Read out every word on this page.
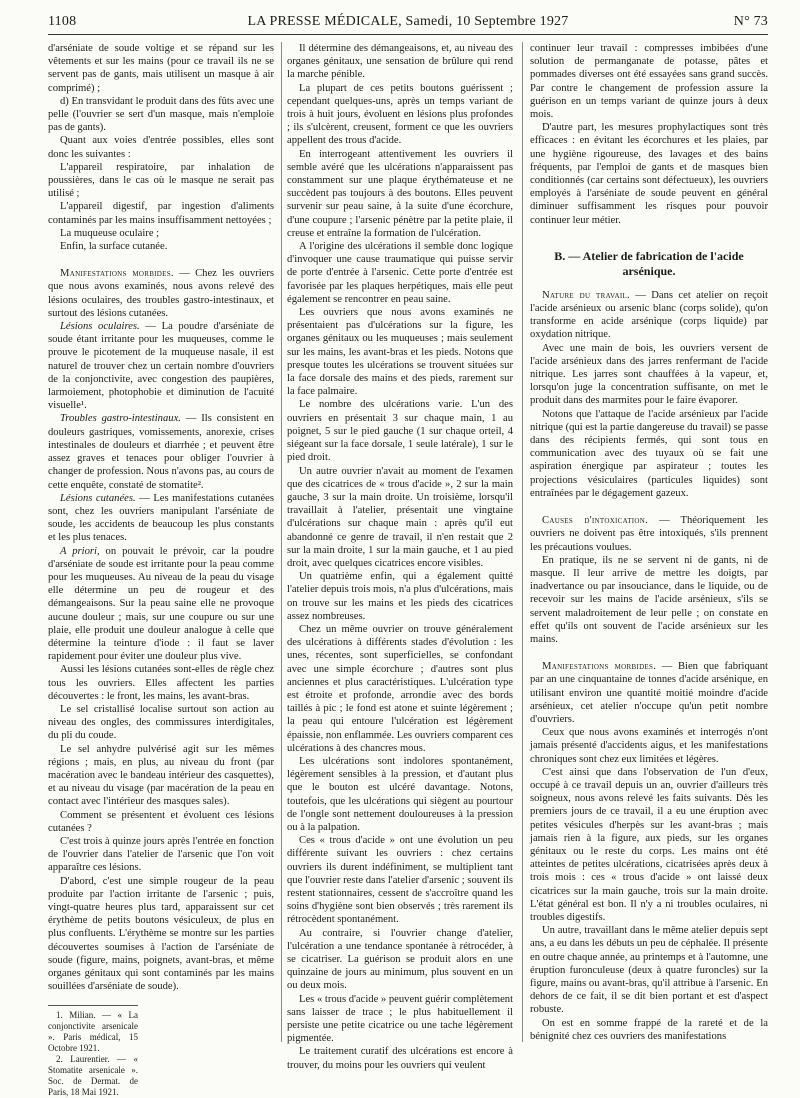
1108	LA PRESSE MÉDICALE, Samedi, 10 Septembre 1927	N° 73

d'arséniate de soude voltige et se répand sur les vêtements et sur les mains (pour ce travail ils ne se servent pas de gants, mais utilisent un masque à air comprimé) ;

d) En transvidant le produit dans des fûts avec une pelle (l'ouvrier se sert d'un masque, mais n'emploie pas de gants).

Quant aux voies d'entrée possibles, elles sont donc les suivantes :

L'appareil respiratoire, par inhalation de poussières, dans le cas où le masque ne serait pas utilisé ;

L'appareil digestif, par ingestion d'aliments contaminés par les mains insuffisamment nettoyées ;

La muqueuse oculaire ;

Enfin, la surface cutanée.

Manifestations morbides. — Chez les ouvriers que nous avons examinés, nous avons relevé des lésions oculaires, des troubles gastro-intestinaux, et surtout des lésions cutanées.

Lésions oculaires. — La poudre d'arséniate de soude étant irritante pour les muqueuses, comme le prouve le picotement de la muqueuse nasale, il est naturel de trouver chez un certain nombre d'ouvriers de la conjonctivite, avec congestion des paupières, larmoiement, photophobie et diminution de l'acuité visuelle¹.

Troubles gastro-intestinaux. — Ils consistent en douleurs gastriques, vomissements, anorexie, crises intestinales de douleurs et diarrhée ; et peuvent être assez graves et tenaces pour obliger l'ouvrier à changer de profession. Nous n'avons pas, au cours de cette enquête, constaté de stomatite².

Lésions cutanées. — Les manifestations cutanées sont, chez les ouvriers manipulant l'arséniate de soude, les accidents de beaucoup les plus constants et les plus tenaces.

A priori, on pouvait le prévoir, car la poudre d'arséniate de soude est irritante pour la peau comme pour les muqueuses. Au niveau de la peau du visage elle détermine un peu de rougeur et des démangeaisons. Sur la peau saine elle ne provoque aucune douleur ; mais, sur une coupure ou sur une plaie, elle produit une douleur analogue à celle que détermine la teinture d'iode : il faut se laver rapidement pour éviter une douleur plus vive.

Aussi les lésions cutanées sont-elles de règle chez tous les ouvriers. Elles affectent les parties découvertes : le front, les mains, les avant-bras.

Le sel cristallisé localise surtout son action au niveau des ongles, des commissures interdigitales, du pli du coude.

Le sel anhydre pulvérisé agit sur les mêmes régions ; mais, en plus, au niveau du front (par macération avec le bandeau intérieur des casquettes), et au niveau du visage (par macération de la peau en contact avec l'intérieur des masques sales).

Comment se présentent et évoluent ces lésions cutanées ?

C'est trois à quinze jours après l'entrée en fonction de l'ouvrier dans l'atelier de l'arsenic que l'on voit apparaître ces lésions.

D'abord, c'est une simple rougeur de la peau produite par l'action irritante de l'arsenic ; puis, vingt-quatre heures plus tard, apparaissent sur cet érythème de petits boutons vésiculeux, de plus en plus confluents. L'érythème se montre sur les parties découvertes soumises à l'action de l'arséniate de soude (figure, mains, poignets, avant-bras, et même organes génitaux qui sont contaminés par les mains souillées d'arséniate de soude).

1. Milian. — « La conjonctivite arsenicale ». Paris médical, 15 Octobre 1921.

2. Laurentier. — « Stomatite arsenicale ». Soc. de Dermat. de Paris, 18 Mai 1921.

Il détermine des démangeaisons, et, au niveau des organes génitaux, une sensation de brûlure qui rend la marche pénible.

La plupart de ces petits boutons guérissent ; cependant quelques-uns, après un temps variant de trois à huit jours, évoluent en lésions plus profondes ; ils s'ulcèrent, creusent, forment ce que les ouvriers appellent des trous d'acide.

En interrogeant attentivement les ouvriers il semble avéré que les ulcérations n'apparaissent pas constamment sur une plaque érythémateuse et ne succèdent pas toujours à des boutons. Elles peuvent survenir sur peau saine, à la suite d'une écorchure, d'une coupure ; l'arsenic pénètre par la petite plaie, il creuse et entraîne la formation de l'ulcération.

A l'origine des ulcérations il semble donc logique d'invoquer une cause traumatique qui puisse servir de porte d'entrée à l'arsenic. Cette porte d'entrée est favorisée par les plaques herpétiques, mais elle peut également se rencontrer en peau saine.

Les ouvriers que nous avons examinés ne présentaient pas d'ulcérations sur la figure, les organes génitaux ou les muqueuses ; mais seulement sur les mains, les avant-bras et les pieds. Notons que presque toutes les ulcérations se trouvent situées sur la face dorsale des mains et des pieds, rarement sur la face palmaire.

Le nombre des ulcérations varie. L'un des ouvriers en présentait 3 sur chaque main, 1 au poignet, 5 sur le pied gauche (1 sur chaque orteil, 4 siégeant sur la face dorsale, 1 seule latérale), 1 sur le pied droit.

Un autre ouvrier n'avait au moment de l'examen que des cicatrices de « trous d'acide », 2 sur la main gauche, 3 sur la main droite. Un troisième, lorsqu'il travaillait à l'atelier, présentait une vingtaine d'ulcérations sur chaque main : après qu'il eut abandonné ce genre de travail, il n'en restait que 2 sur la main droite, 1 sur la main gauche, et 1 au pied droit, avec quelques cicatrices encore visibles.

Un quatrième enfin, qui a également quitté l'atelier depuis trois mois, n'a plus d'ulcérations, mais on trouve sur les mains et les pieds des cicatrices assez nombreuses.

Chez un même ouvrier on trouve généralement des ulcérations à différents stades d'évolution : les unes, récentes, sont superficielles, se confondant avec une simple écorchure ; d'autres sont plus anciennes et plus caractéristiques. L'ulcération type est étroite et profonde, arrondie avec des bords taillés à pic ; le fond est atone et suinte légèrement ; la peau qui entoure l'ulcération est légèrement épaissie, non enflammée. Les ouvriers comparent ces ulcérations à des chancres mous.

Les ulcérations sont indolores spontanément, légèrement sensibles à la pression, et d'autant plus que le bouton est ulcéré davantage. Notons, toutefois, que les ulcérations qui siègent au pourtour de l'ongle sont nettement douloureuses à la pression ou à la palpation.

Ces « trous d'acide » ont une évolution un peu différente suivant les ouvriers : chez certains ouvriers ils durent indéfiniment, se multiplient tant que l'ouvrier reste dans l'atelier d'arsenic ; souvent ils restent stationnaires, cessent de s'accroître quand les soins d'hygiène sont bien observés ; très rarement ils rétrocèdent spontanément.

Au contraire, si l'ouvrier change d'atelier, l'ulcération a une tendance spontanée à rétrocéder, à se cicatriser. La guérison se produit alors en une quinzaine de jours au minimum, plus souvent en un ou deux mois.

Les « trous d'acide » peuvent guérir complètement sans laisser de trace ; le plus habituellement il persiste une petite cicatrice ou une tache légèrement pigmentée.

Le traitement curatif des ulcérations est encore à trouver, du moins pour les ouvriers qui veulent

continuer leur travail : compresses imbibées d'une solution de permanganate de potasse, pâtes et pommades diverses ont été essayées sans grand succès. Par contre le changement de profession assure la guérison en un temps variant de quinze jours à deux mois.

D'autre part, les mesures prophylactiques sont très efficaces : en évitant les écorchures et les plaies, par une hygiène rigoureuse, des lavages et des bains fréquents, par l'emploi de gants et de masques bien conditionnés (car certains sont défectueux), les ouvriers employés à l'arséniate de soude peuvent en général diminuer suffisamment les risques pour pouvoir continuer leur métier.

B. — Atelier de fabrication de l'acide arsénique.

Nature du travail. — Dans cet atelier on reçoit l'acide arsénieux ou arsenic blanc (corps solide), qu'on transforme en acide arsénique (corps liquide) par oxydation nitrique.

Avec une main de bois, les ouvriers versent de l'acide arsénieux dans des jarres renfermant de l'acide nitrique. Les jarres sont chauffées à la vapeur, et, lorsqu'on juge la concentration suffisante, on met le produit dans des marmites pour le faire évaporer.

Notons que l'attaque de l'acide arsénieux par l'acide nitrique (qui est la partie dangereuse du travail) se passe dans des récipients fermés, qui sont tous en communication avec des tuyaux où se fait une aspiration énergique par aspirateur ; toutes les projections vésiculaires (particules liquides) sont entraînées par le dégagement gazeux.

Causes d'intoxication. — Théoriquement les ouvriers ne doivent pas être intoxiqués, s'ils prennent les précautions voulues.

En pratique, ils ne se servent ni de gants, ni de masque. Il leur arrive de mettre les doigts, par inadvertance ou par insouciance, dans le liquide, ou de recevoir sur les mains de l'acide arsénieux, s'ils se servent maladroitement de leur pelle ; on constate en effet qu'ils ont souvent de l'acide arsénieux sur les mains.

Manifestations morbides. — Bien que fabriquant par an une cinquantaine de tonnes d'acide arsénique, en utilisant environ une quantité moitié moindre d'acide arsénieux, cet atelier n'occupe qu'un petit nombre d'ouvriers.

Ceux que nous avons examinés et interrogés n'ont jamais présenté d'accidents aigus, et les manifestations chroniques sont chez eux limitées et légères.

C'est ainsi que dans l'observation de l'un d'eux, occupé à ce travail depuis un an, ouvrier d'ailleurs très soigneux, nous avons relevé les faits suivants. Dès les premiers jours de ce travail, il a eu une éruption avec petites vésicules d'herpès sur les avant-bras ; mais jamais rien à la figure, aux pieds, sur les organes génitaux ou le reste du corps. Les mains ont été atteintes de petites ulcérations, cicatrisées après deux à trois mois : ces « trous d'acide » ont laissé deux cicatrices sur la main gauche, trois sur la main droite. L'état général est bon. Il n'y a ni troubles oculaires, ni troubles digestifs.

Un autre, travaillant dans le même atelier depuis sept ans, a eu dans les débuts un peu de céphalée. Il présente en outre chaque année, au printemps et à l'automne, une éruption furonculeuse (deux à quatre furoncles) sur la figure, mains ou avant-bras, qu'il attribue à l'arsenic. En dehors de ce fait, il se dit bien portant et est d'aspect robuste.

On est en somme frappé de la rareté et de la bénignité chez ces ouvriers des manifestations
